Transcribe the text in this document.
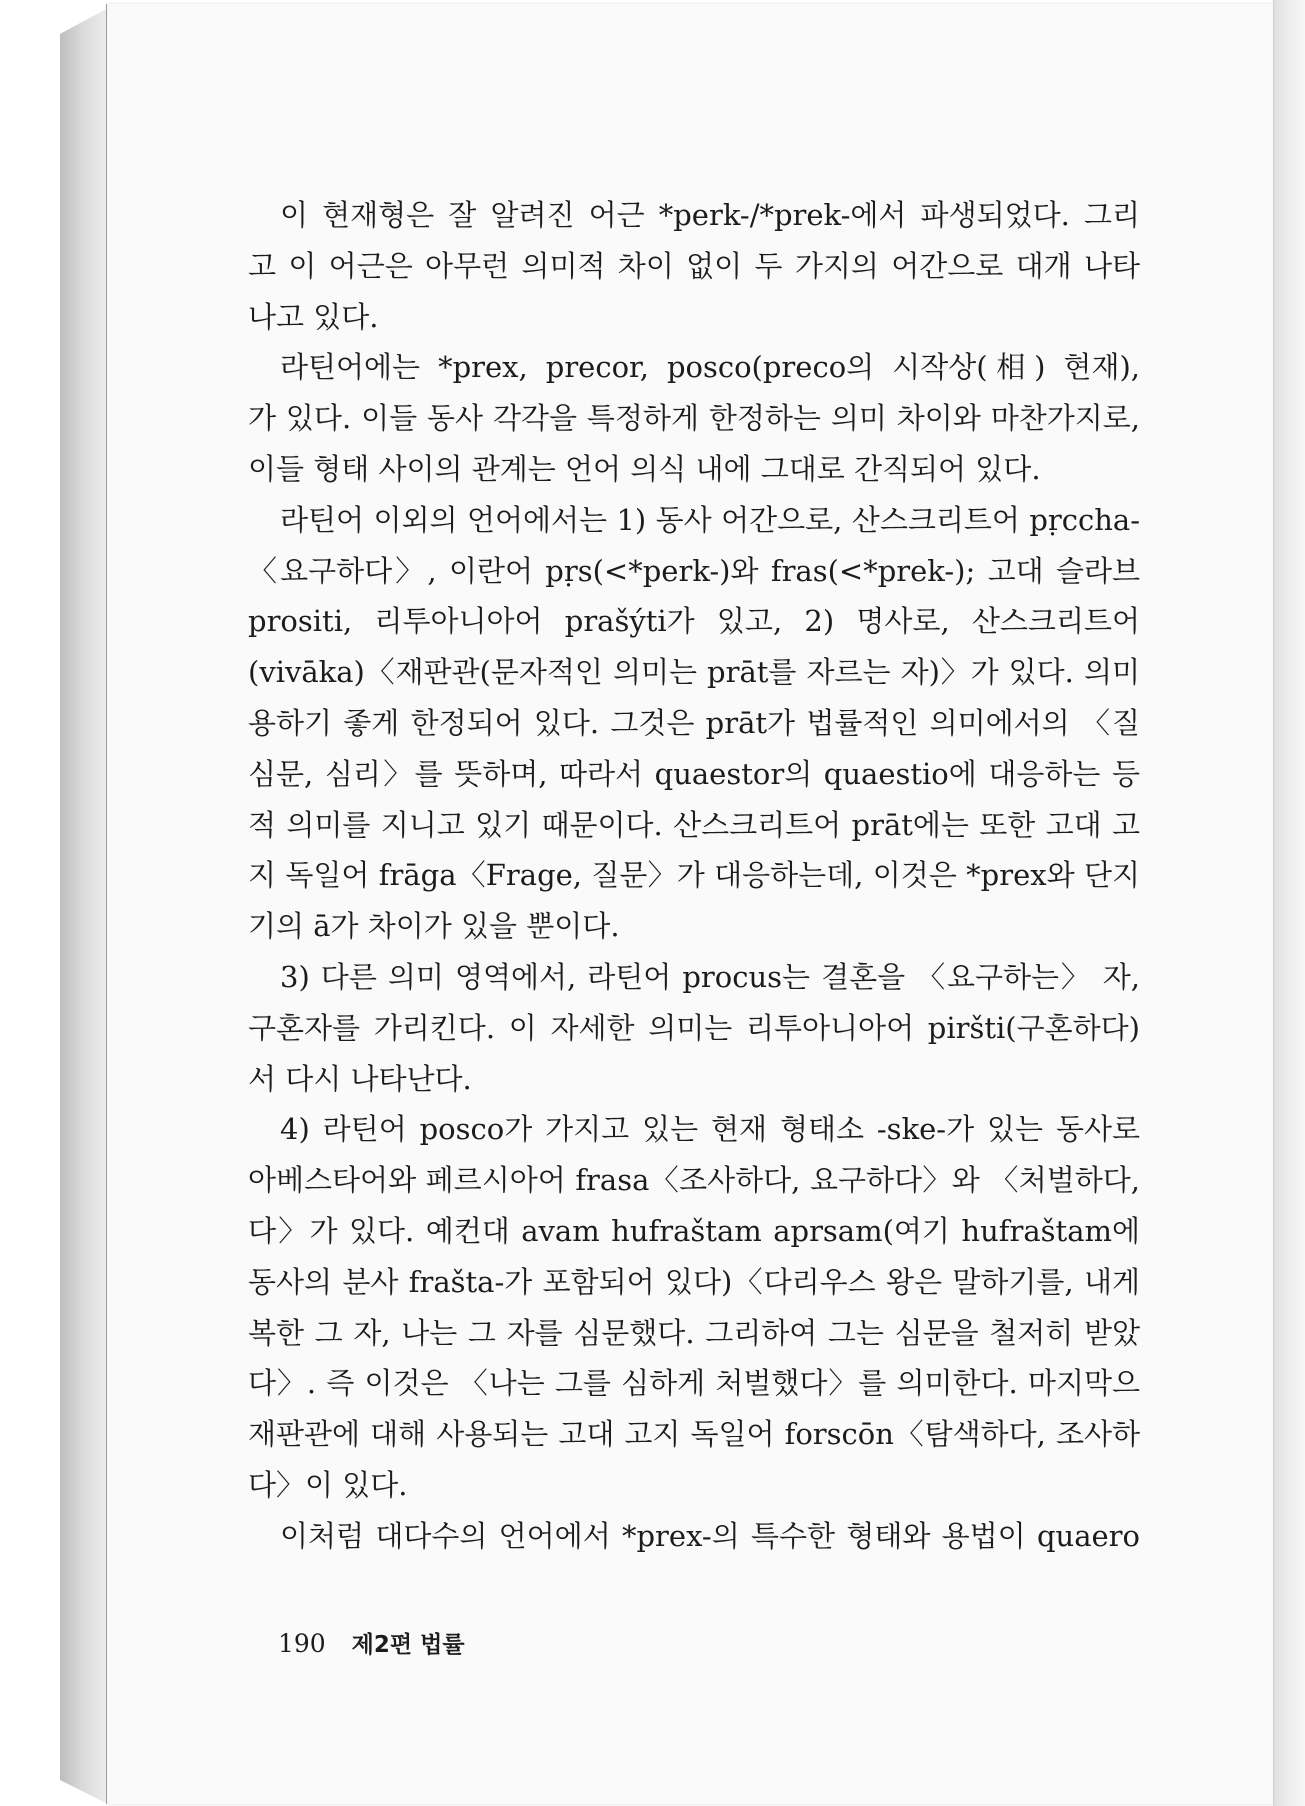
이 현재형은 잘 알려진 어근 *perk-/*prek-에서 파생되었다. 그리
고 이 어근은 아무런 의미적 차이 없이 두 가지의 어간으로 대개 나타
나고 있다.
라틴어에는 *prex, precor, posco(preco의 시작상(相) 현재),
가 있다. 이들 동사 각각을 특정하게 한정하는 의미 차이와 마찬가지로,
이들 형태 사이의 관계는 언어 의식 내에 그대로 간직되어 있다.
라틴어 이외의 언어에서는 1) 동사 어간으로, 산스크리트어 pṛccha-
〈요구하다〉, 이란어 pṛs(<*perk-)와 fras(<*prek-); 고대 슬라브
prositi, 리투아니아어 prašýti가 있고, 2) 명사로, 산스크리트어
(vivāka)〈재판관(문자적인 의미는 prāt를 자르는 자)〉가 있다. 의미
용하기 좋게 한정되어 있다. 그것은 prāt가 법률적인 의미에서의 〈질
심문, 심리〉를 뜻하며, 따라서 quaestor의 quaestio에 대응하는 등
적 의미를 지니고 있기 때문이다. 산스크리트어 prāt에는 또한 고대 고
지 독일어 frāga〈Frage, 질문〉가 대응하는데, 이것은 *prex와 단지
기의 ā가 차이가 있을 뿐이다.
3) 다른 의미 영역에서, 라틴어 procus는 결혼을 〈요구하는〉 자,
구혼자를 가리킨다. 이 자세한 의미는 리투아니아어 piršti(구혼하다)
서 다시 나타난다.
4) 라틴어 posco가 가지고 있는 현재 형태소 -ske-가 있는 동사로
아베스타어와 페르시아어 frasa〈조사하다, 요구하다〉와 〈처벌하다,
다〉가 있다. 예컨대 avam hufraštam aprsam(여기 hufraštam에
동사의 분사 frašta-가 포함되어 있다)〈다리우스 왕은 말하기를, 내게
복한 그 자, 나는 그 자를 심문했다. 그리하여 그는 심문을 철저히 받았
다〉. 즉 이것은 〈나는 그를 심하게 처벌했다〉를 의미한다. 마지막으
재판관에 대해 사용되는 고대 고지 독일어 forscōn〈탐색하다, 조사하
다〉이 있다.
이처럼 대다수의 언어에서 *prex-의 특수한 형태와 용법이 quaero
190 제2편 법률
